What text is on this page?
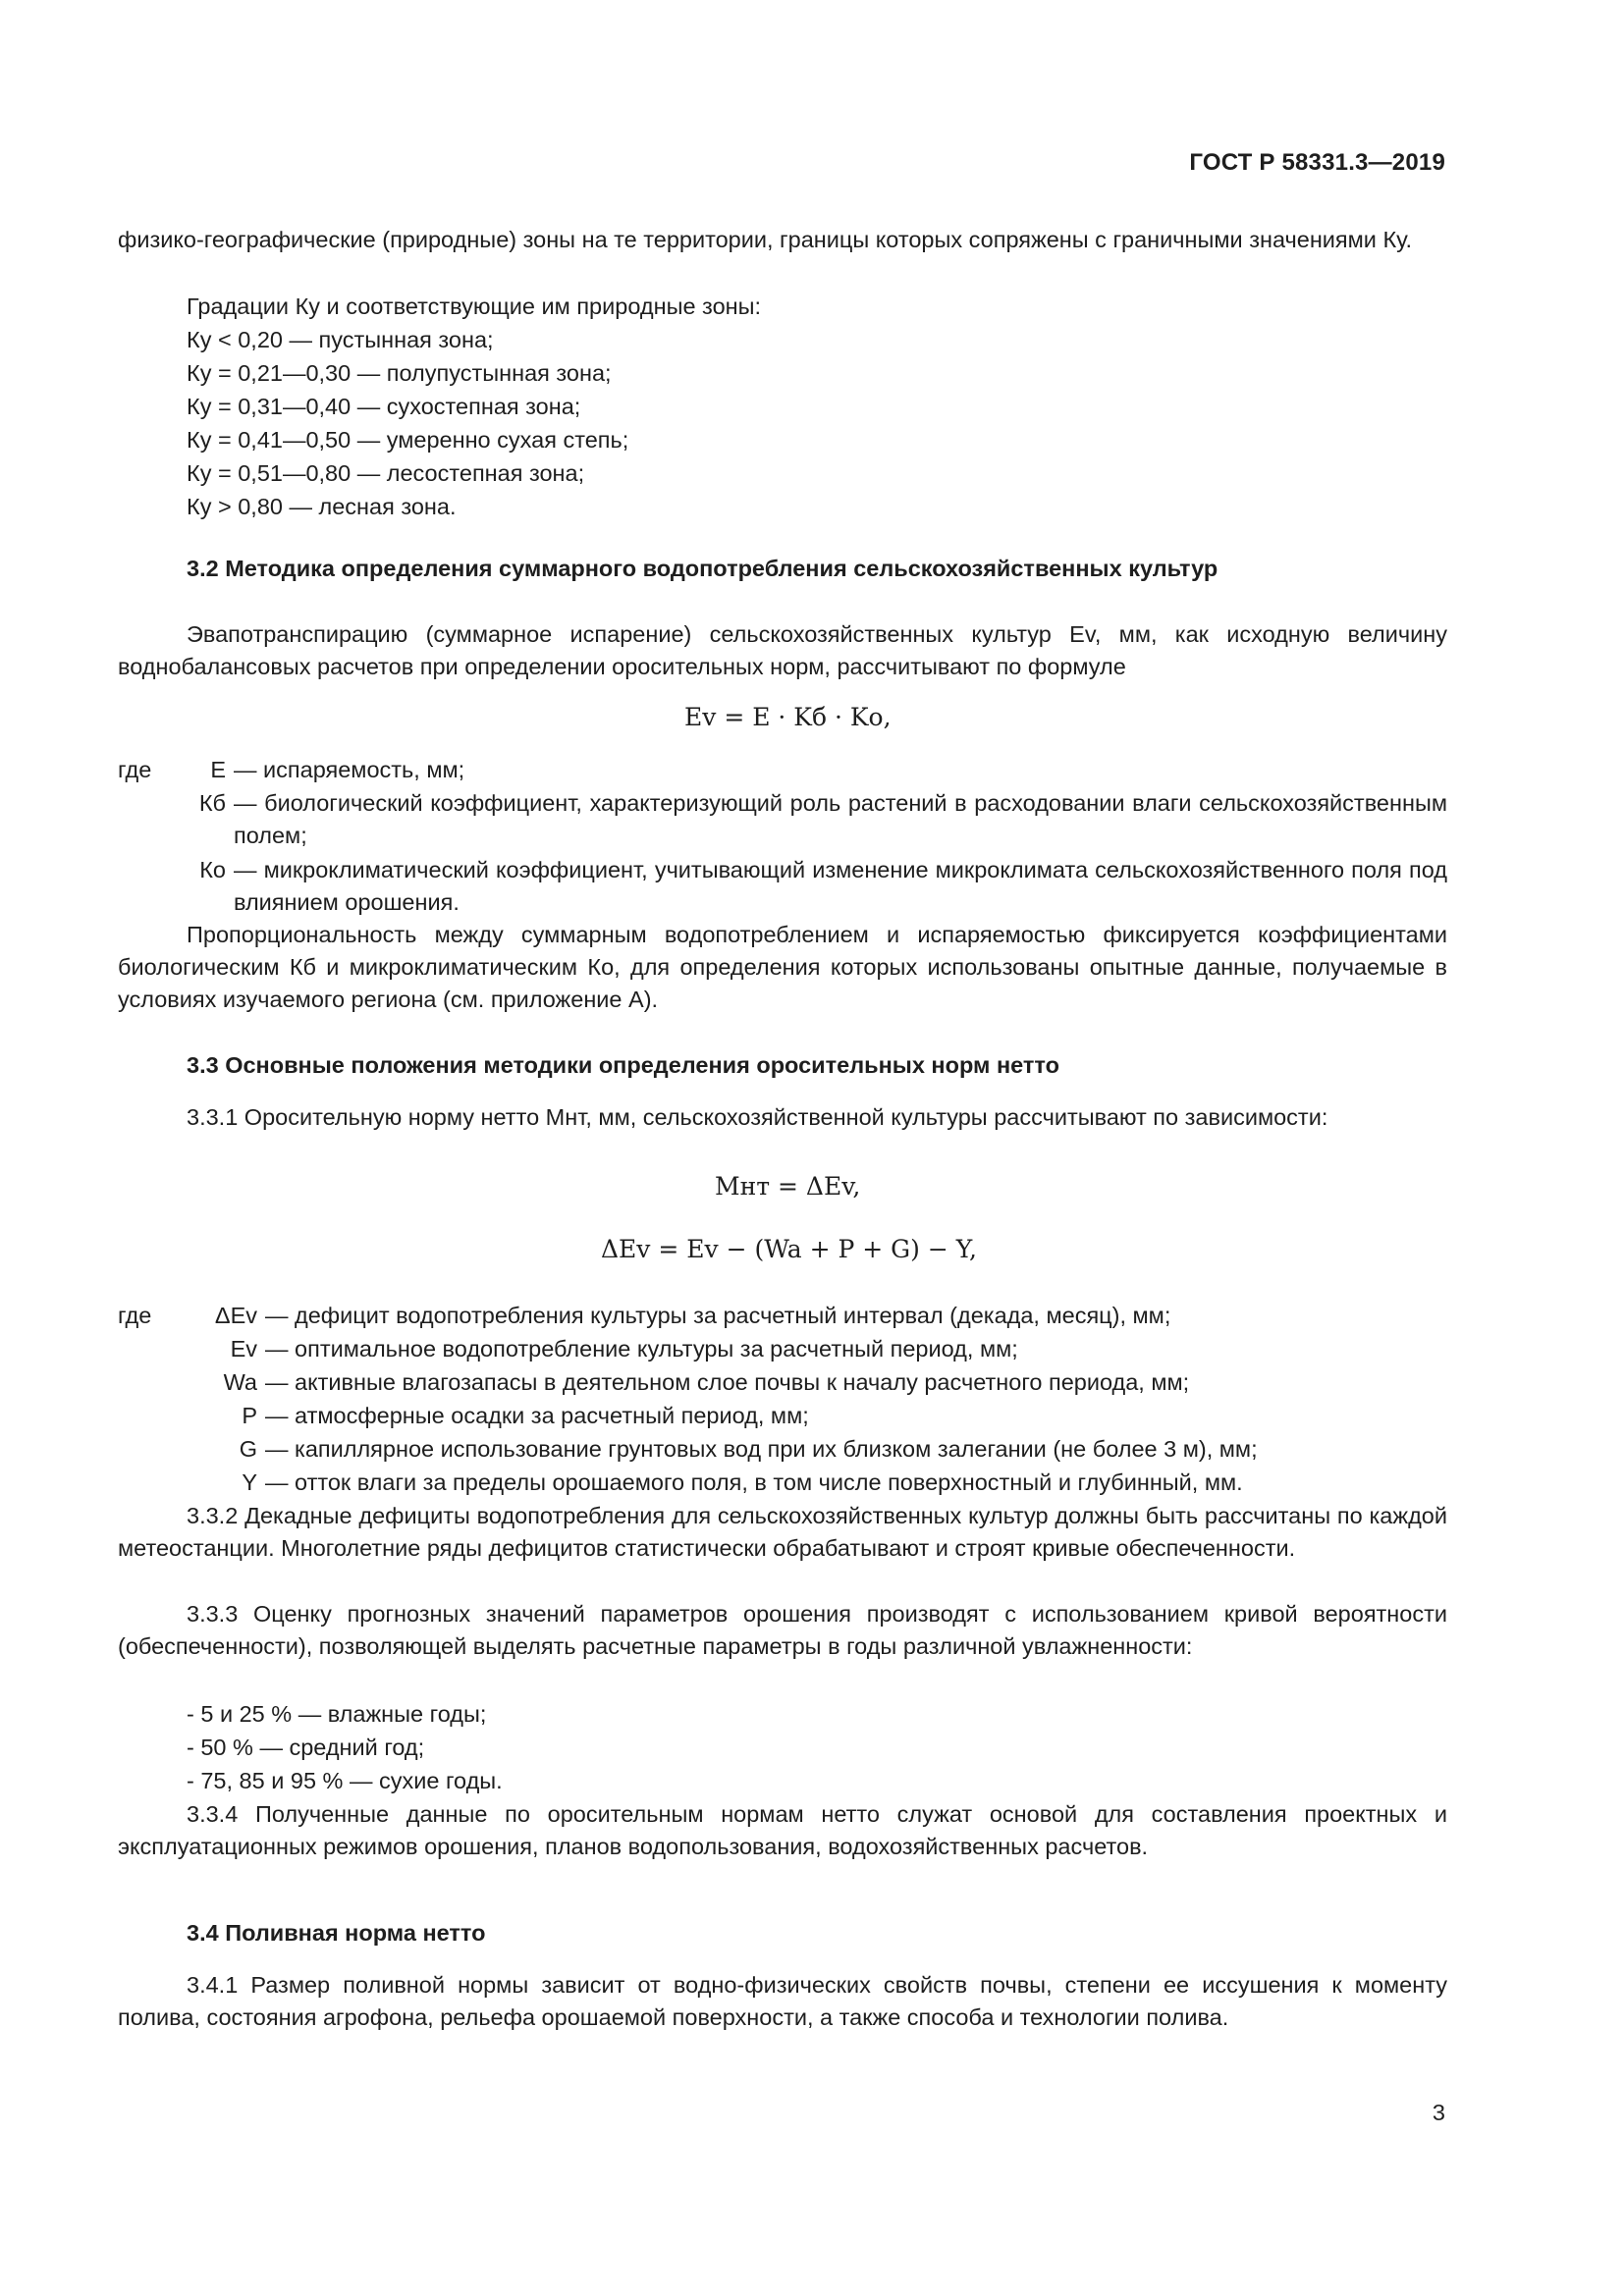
ГОСТ Р 58331.3—2019
физико-географические (природные) зоны на те территории, границы которых сопряжены с граничными значениями Ку.
Градации Ку и соответствующие им природные зоны:
Ку < 0,20 — пустынная зона;
Ку = 0,21—0,30 — полупустынная зона;
Ку = 0,31—0,40 — сухостепная зона;
Ку = 0,41—0,50 — умеренно сухая степь;
Ку = 0,51—0,80 — лесостепная зона;
Ку > 0,80 — лесная зона.
3.2 Методика определения суммарного водопотребления сельскохозяйственных культур
Эвапотранспирацию (суммарное испарение) сельскохозяйственных культур Ev, мм, как исходную величину воднобалансовых расчетов при определении оросительных норм, рассчитывают по формуле
Ev = E · Kб · Kо,
где	E — испаряемость, мм;
Кб — биологический коэффициент, характеризующий роль растений в расходовании влаги сельскохозяйственным полем;
Ко — микроклиматический коэффициент, учитывающий изменение микроклимата сельскохозяйственного поля под влиянием орошения.
Пропорциональность между суммарным водопотреблением и испаряемостью фиксируется коэффициентами биологическим Кб и микроклиматическим Ко, для определения которых использованы опытные данные, получаемые в условиях изучаемого региона (см. приложение А).
3.3 Основные положения методики определения оросительных норм нетто
3.3.1 Оросительную норму нетто Mнт, мм, сельскохозяйственной культуры рассчитывают по зависимости:
Mнт = ΔEv,
ΔEv = Ev − (Wa + P + G) − Y,
где	ΔEv — дефицит водопотребления культуры за расчетный интервал (декада, месяц), мм;
Ev — оптимальное водопотребление культуры за расчетный период, мм;
Wa — активные влагозапасы в деятельном слое почвы к началу расчетного периода, мм;
P — атмосферные осадки за расчетный период, мм;
G — капиллярное использование грунтовых вод при их близком залегании (не более 3 м), мм;
Y — отток влаги за пределы орошаемого поля, в том числе поверхностный и глубинный, мм.
3.3.2 Декадные дефициты водопотребления для сельскохозяйственных культур должны быть рассчитаны по каждой метеостанции. Многолетние ряды дефицитов статистически обрабатывают и строят кривые обеспеченности.
3.3.3 Оценку прогнозных значений параметров орошения производят с использованием кривой вероятности (обеспеченности), позволяющей выделять расчетные параметры в годы различной увлажненности:
- 5 и 25 % — влажные годы;
- 50 % — средний год;
- 75, 85 и 95 % — сухие годы.
3.3.4 Полученные данные по оросительным нормам нетто служат основой для составления проектных и эксплуатационных режимов орошения, планов водопользования, водохозяйственных расчетов.
3.4 Поливная норма нетто
3.4.1 Размер поливной нормы зависит от водно-физических свойств почвы, степени ее иссушения к моменту полива, состояния агрофона, рельефа орошаемой поверхности, а также способа и технологии полива.
3
